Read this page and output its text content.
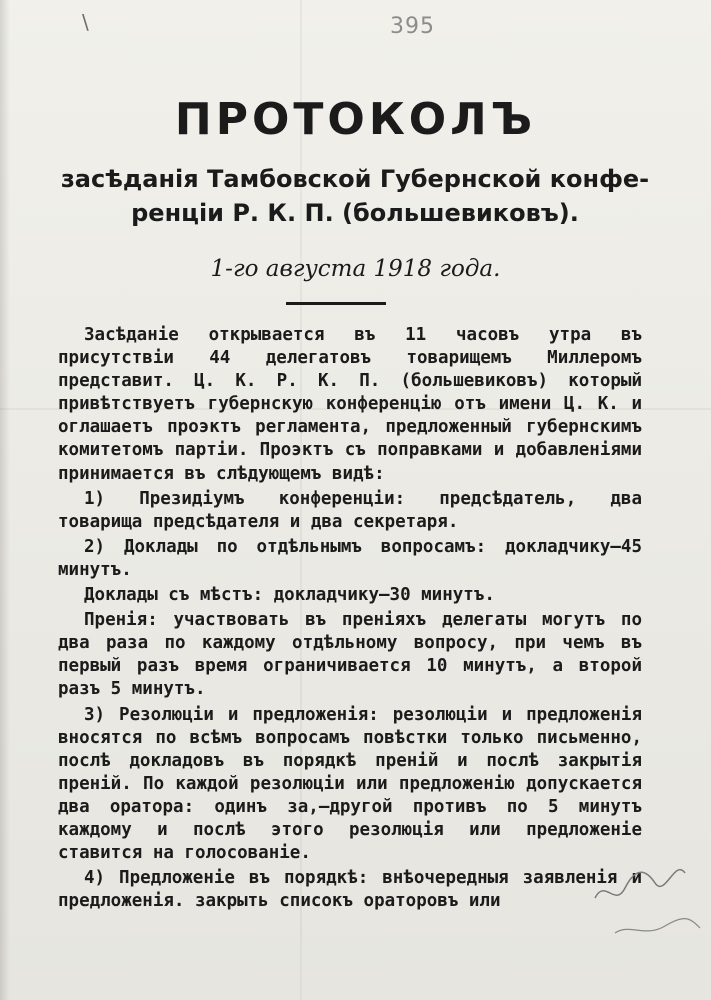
\	395
ПРОТОКОЛЪ
засѣданія Тамбовской Губернской конфе-
ренціи Р. К. П. (большевиковъ).
1-го августа 1918 года.

Засѣданіе открывается въ 11 часовъ утра въ присутствіи 44 делегатовъ товарищемъ Миллеромъ представит. Ц. К. Р. К. П. (большевиковъ) который привѣтствуетъ губернскую конференцію отъ имени Ц. К. и оглашаетъ проэктъ регламента, предложенный губернскимъ комитетомъ партіи. Проэктъ съ поправками и добавленіями принимается въ слѣдующемъ видѣ:

1) Президіумъ конференціи: предсѣдатель, два товарища предсѣдателя и два секретаря.

2) Доклады по отдѣльнымъ вопросамъ: докладчику—45 минутъ.

Доклады съ мѣстъ: докладчику—30 минутъ.

Пренія: участвовать въ преніяхъ делегаты могутъ по два раза по каждому отдѣльному вопросу, при чемъ въ первый разъ время ограничивается 10 минутъ, а второй разъ 5 минутъ.

3) Резолюціи и предложенія: резолюціи и предложенія вносятся по всѣмъ вопросамъ повѣстки только письменно, послѣ докладовъ въ порядкѣ преній и послѣ закрытія преній. По каждой резолюціи или предложенію допускается два оратора: одинъ за,—другой противъ по 5 минутъ каждому и послѣ этого резолюція или предложеніе ставится на голосованіе.

4) Предложеніе въ порядкѣ: внѣочередныя заявленія и предложенія. закрыть списокъ ораторовъ или
